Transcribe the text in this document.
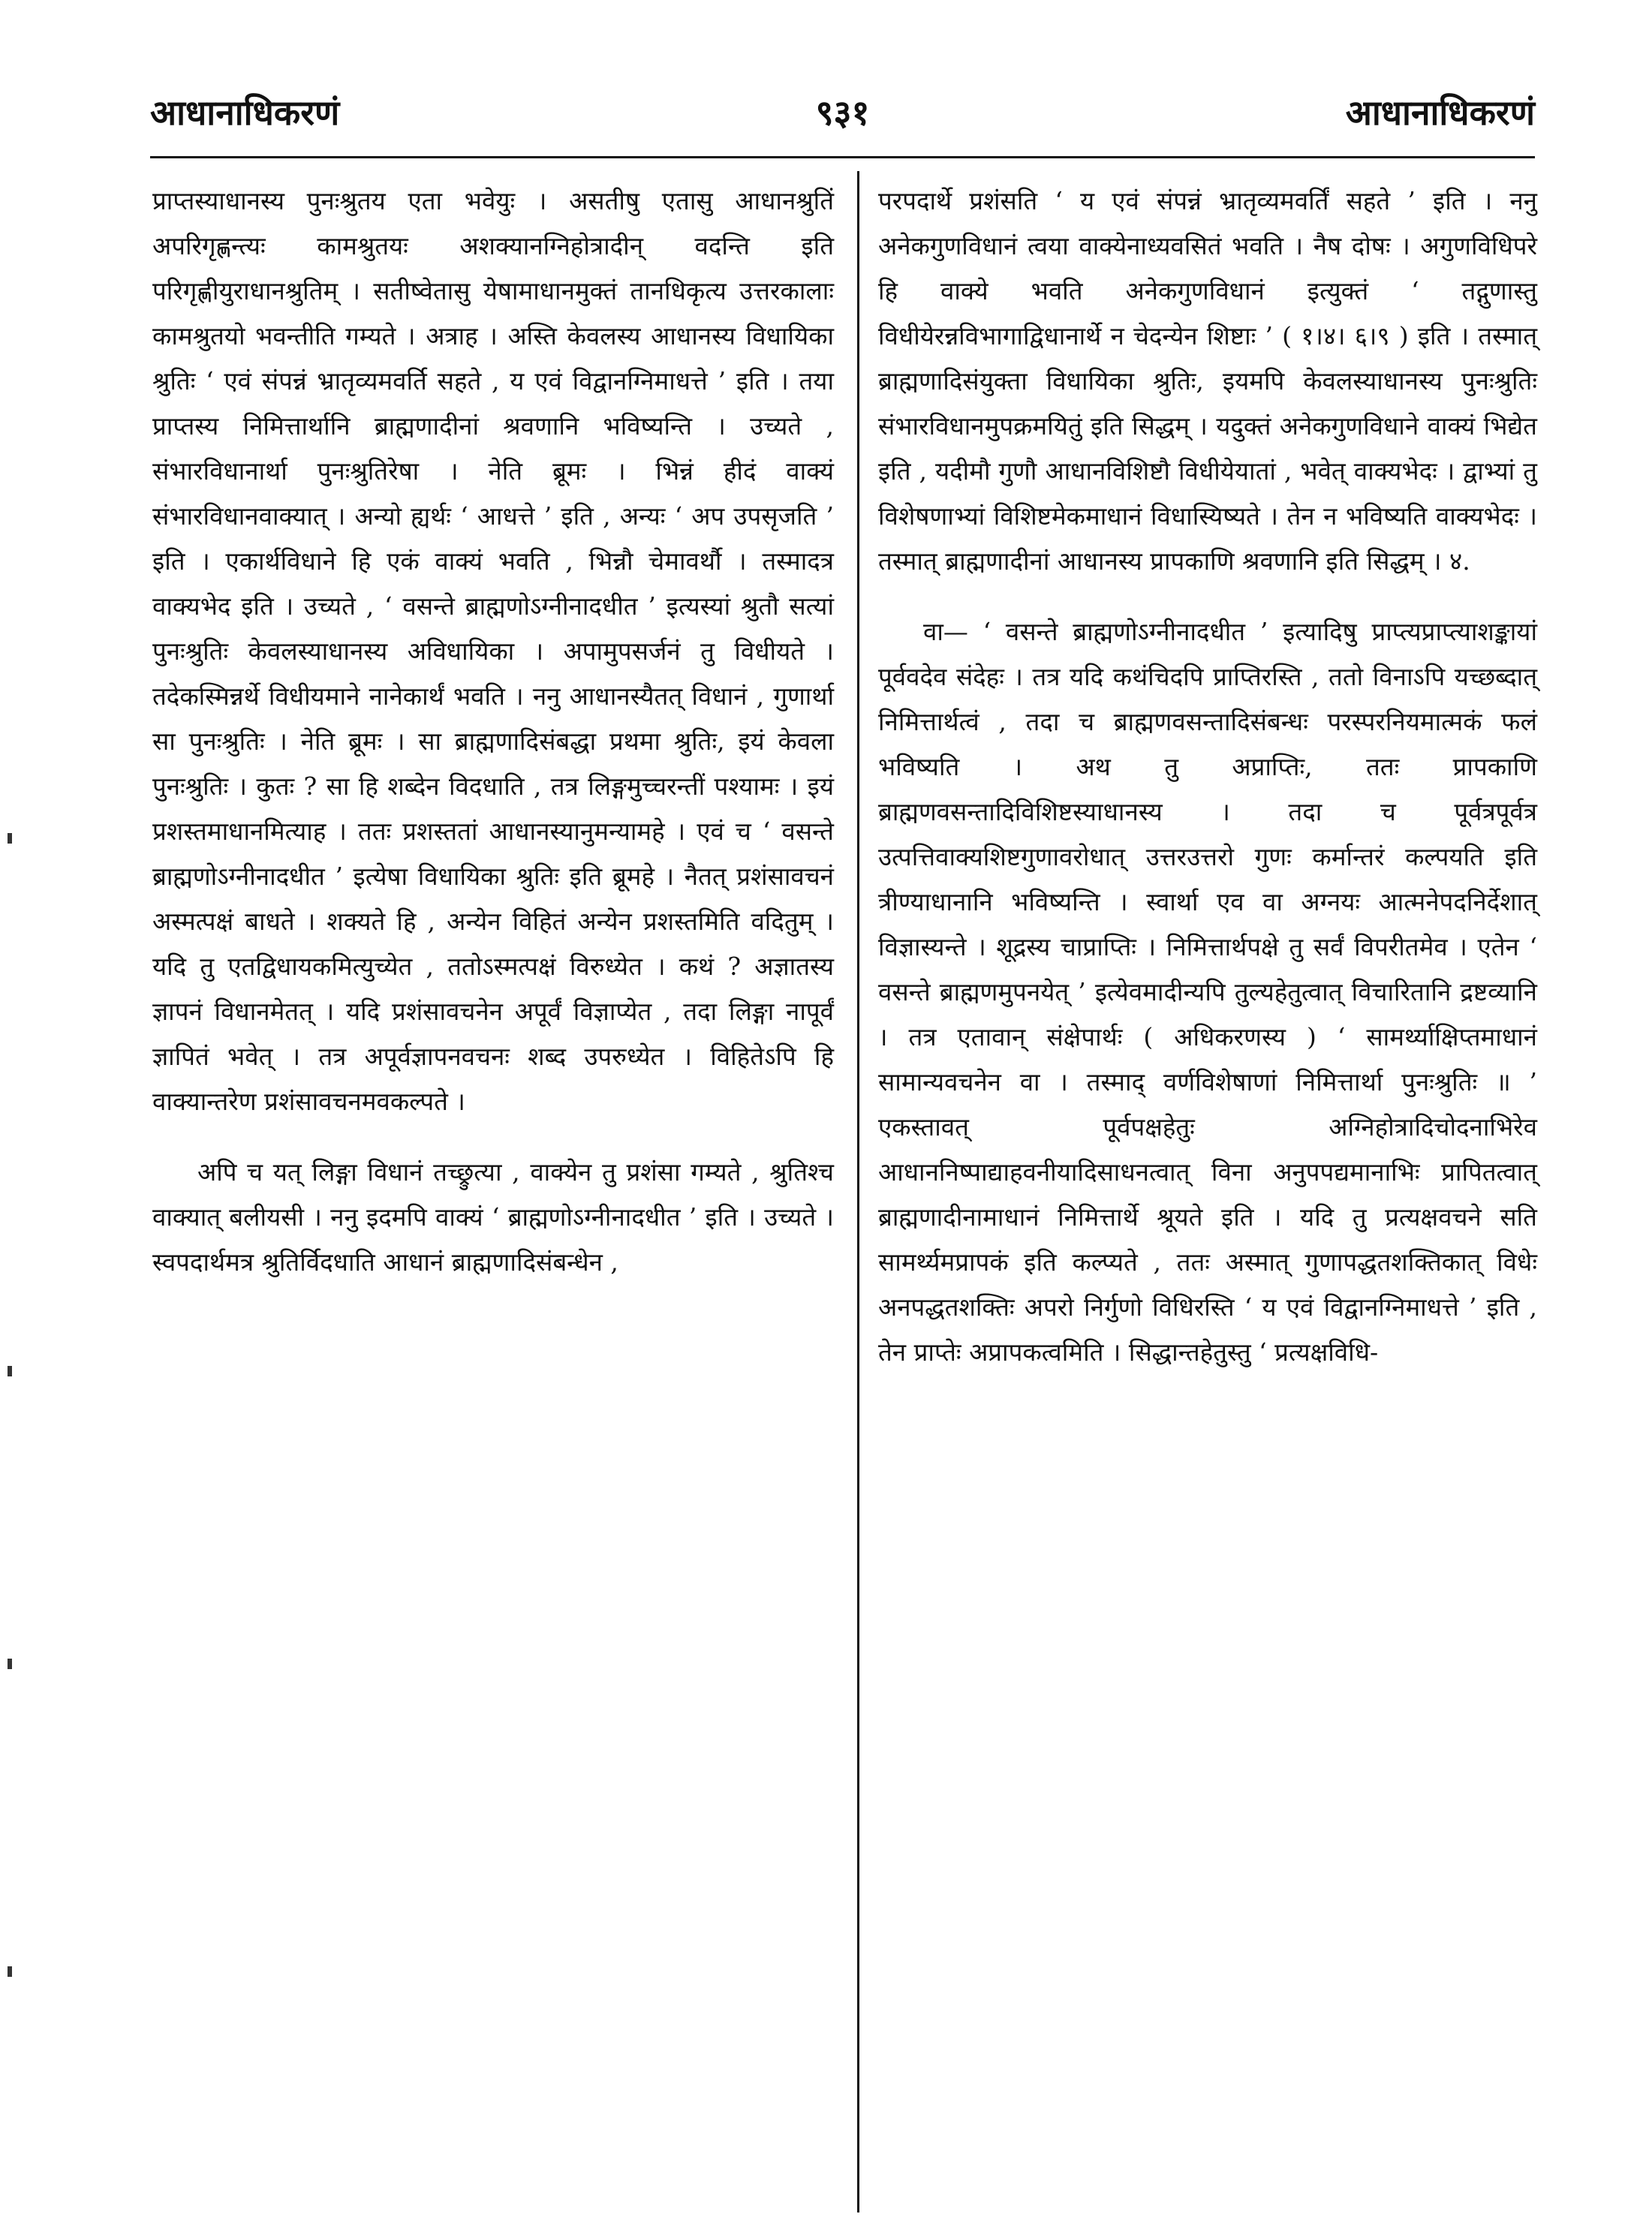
आधानाधिकरणं	९३१	आधानाधिकरणं

प्राप्तस्याधानस्य पुनःश्रुतय एता भवेयुः । असतीषु एतासु आधानश्रुतिं अपरिगृह्णन्त्यः कामश्रुतयः अशक्यानग्निहोत्रादीन् वदन्ति इति परिगृह्णीयुराधानश्रुतिम् । सतीष्वेतासु येषामाधानमुक्तं तानधिकृत्य उत्तरकालाः कामश्रुतयो भवन्तीति गम्यते । अत्राह । अस्ति केवलस्य आधानस्य विधायिका श्रुतिः ‘ एवं संपन्नं भ्रातृव्यमवर्ति सहते , य एवं विद्वानग्निमाधत्ते ’ इति । तया प्राप्तस्य निमित्तार्थानि ब्राह्मणादीनां श्रवणानि भविष्यन्ति । उच्यते , संभारविधानार्था पुनःश्रुतिरेषा । नेति ब्रूमः । भिन्नं हीदं वाक्यं संभारविधानवाक्यात् । अन्यो ह्यर्थः ‘ आधत्ते ’ इति , अन्यः ‘ अप उपसृजति ’ इति । एकार्थविधाने हि एकं वाक्यं भवति , भिन्नौ चेमावर्थौ । तस्मादत्र वाक्यभेद इति । उच्यते , ‘ वसन्ते ब्राह्मणोऽग्नीनादधीत ’ इत्यस्यां श्रुतौ सत्यां पुनःश्रुतिः केवलस्याधानस्य अविधायिका । अपामुपसर्जनं तु विधीयते । तदेकस्मिन्नर्थे विधीयमाने नानेकार्थं भवति । ननु आधानस्यैतत् विधानं , गुणार्था सा पुनःश्रुतिः । नेति ब्रूमः । सा ब्राह्मणादिसंबद्धा प्रथमा श्रुतिः, इयं केवला पुनःश्रुतिः । कुतः ? सा हि शब्देन विदधाति , तत्र लिङ्गमुच्चरन्तीं पश्यामः । इयं प्रशस्तमाधानमित्याह । ततः प्रशस्ततां आधानस्यानुमन्यामहे । एवं च ‘ वसन्ते ब्राह्मणोऽग्नीनादधीत ’ इत्येषा विधायिका श्रुतिः इति ब्रूमहे । नैतत् प्रशंसावचनं अस्मत्पक्षं बाधते । शक्यते हि , अन्येन विहितं अन्येन प्रशस्तमिति वदितुम् । यदि तु एतद्विधायकमित्युच्येत , ततोऽस्मत्पक्षं विरुध्येत । कथं ? अज्ञातस्य ज्ञापनं विधानमेतत् । यदि प्रशंसावचनेन अपूर्वं विज्ञाप्येत , तदा लिङ्गा नापूर्वं ज्ञापितं भवेत् । तत्र अपूर्वज्ञापनवचनः शब्द उपरुध्येत । विहितेऽपि हि वाक्यान्तरेण प्रशंसावचनमवकल्पते ।

अपि च यत् लिङ्गा विधानं तच्छ्रुत्या , वाक्येन तु प्रशंसा गम्यते , श्रुतिश्च वाक्यात् बलीयसी । ननु इदमपि वाक्यं ‘ ब्राह्मणोऽग्नीनादधीत ’ इति । उच्यते । स्वपदार्थमत्र श्रुतिर्विदधाति आधानं ब्राह्मणादिसंबन्धेन ,

परपदार्थे प्रशंसति ‘ य एवं संपन्नं भ्रातृव्यमवर्तिं सहते ’ इति । ननु अनेकगुणविधानं त्वया वाक्येनाध्यवसितं भवति । नैष दोषः । अगुणविधिपरे हि वाक्ये भवति अनेकगुणविधानं इत्युक्तं ‘ तद्गुणास्तु विधीयेरन्नविभागाद्विधानार्थे न चेदन्येन शिष्टाः ’ ( १।४। ६।९ ) इति । तस्मात् ब्राह्मणादिसंयुक्ता विधायिका श्रुतिः, इयमपि केवलस्याधानस्य पुनःश्रुतिः संभारविधानमुपक्रमयितुं इति सिद्धम् । यदुक्तं अनेकगुणविधाने वाक्यं भिद्येत इति , यदीमौ गुणौ आधानविशिष्टौ विधीयेयातां , भवेत् वाक्यभेदः । द्वाभ्यां तु विशेषणाभ्यां विशिष्टमेकमाधानं विधास्यिष्यते । तेन न भविष्यति वाक्यभेदः । तस्मात् ब्राह्मणादीनां आधानस्य प्रापकाणि श्रवणानि इति सिद्धम् । ४.

वा— ‘ वसन्ते ब्राह्मणोऽग्नीनादधीत ’ इत्यादिषु प्राप्त्यप्राप्त्याशङ्कायां पूर्ववदेव संदेहः । तत्र यदि कथंचिदपि प्राप्तिरस्ति , ततो विनाऽपि यच्छब्दात् निमित्तार्थत्वं , तदा च ब्राह्मणवसन्तादिसंबन्धः परस्परनियमात्मकं फलं भविष्यति । अथ तु अप्राप्तिः, ततः प्रापकाणि ब्राह्मणवसन्तादिविशिष्टस्याधानस्य । तदा च पूर्वत्रपूर्वत्र उत्पत्तिवाक्यशिष्टगुणावरोधात् उत्तरउत्तरो गुणः कर्मान्तरं कल्पयति इति त्रीण्याधानानि भविष्यन्ति । स्वार्था एव वा अग्नयः आत्मनेपदनिर्देशात् विज्ञास्यन्ते । शूद्रस्य चाप्राप्तिः । निमित्तार्थपक्षे तु सर्वं विपरीतमेव । एतेन ‘ वसन्ते ब्राह्मणमुपनयेत् ’ इत्येवमादीन्यपि तुल्यहेतुत्वात् विचारितानि द्रष्टव्यानि । तत्र एतावान् संक्षेपार्थः ( अधिकरणस्य ) ‘ सामर्थ्याक्षिप्तमाधानं सामान्यवचनेन वा । तस्माद् वर्णविशेषाणां निमित्तार्था पुनःश्रुतिः ॥ ’ एकस्तावत् पूर्वपक्षहेतुः अग्निहोत्रादिचोदनाभिरेव आधाननिष्पाद्याहवनीयादिसाधनत्वात् विना अनुपपद्यमानाभिः प्रापितत्वात् ब्राह्मणादीनामाधानं निमित्तार्थे श्रूयते इति । यदि तु प्रत्यक्षवचने सति सामर्थ्यमप्रापकं इति कल्प्यते , ततः अस्मात् गुणापद्धतशक्तिकात् विधेः अनपद्धतशक्तिः अपरो निर्गुणो विधिरस्ति ‘ य एवं विद्वानग्निमाधत्ते ’ इति , तेन प्राप्तेः अप्रापकत्वमिति । सिद्धान्तहेतुस्तु ‘ प्रत्यक्षविधि-
